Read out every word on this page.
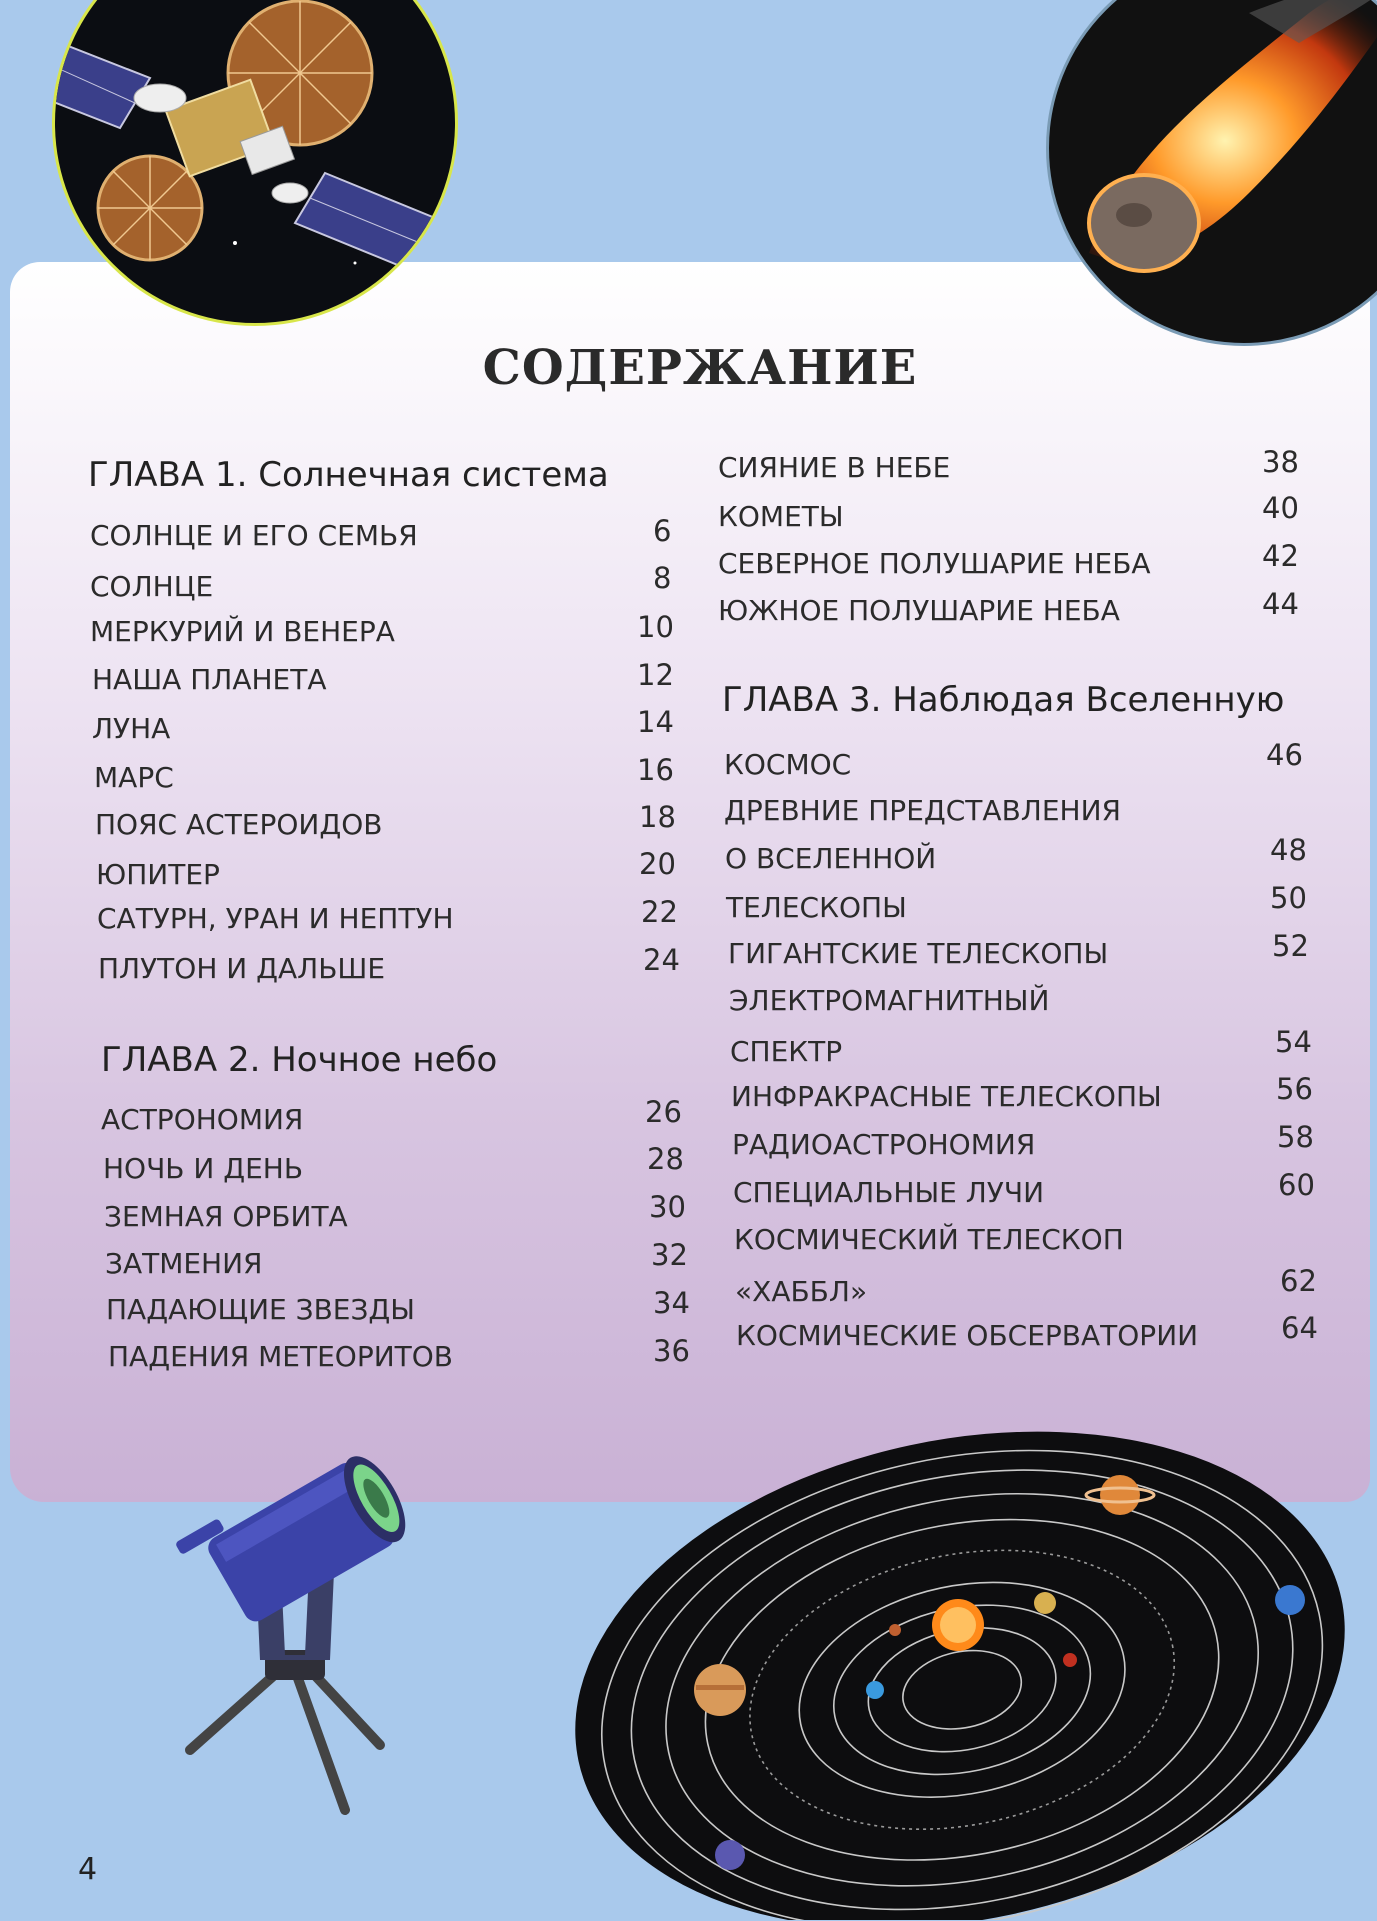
СОДЕРЖАНИЕ
ГЛАВА 1. Солнечная система
СОЛНЦЕ И ЕГО СЕМЬЯ	6
СОЛНЦЕ	8
МЕРКУРИЙ И ВЕНЕРА	10
НАША ПЛАНЕТА	12
ЛУНА	14
МАРС	16
ПОЯС АСТЕРОИДОВ	18
ЮПИТЕР	20
САТУРН, УРАН И НЕПТУН	22
ПЛУТОН И ДАЛЬШЕ	24
ГЛАВА 2. Ночное небо
АСТРОНОМИЯ	26
НОЧЬ И ДЕНЬ	28
ЗЕМНАЯ ОРБИТА	30
ЗАТМЕНИЯ	32
ПАДАЮЩИЕ ЗВЕЗДЫ	34
ПАДЕНИЯ МЕТЕОРИТОВ	36
СИЯНИЕ В НЕБЕ	38
КОМЕТЫ	40
СЕВЕРНОЕ ПОЛУШАРИЕ НЕБА	42
ЮЖНОЕ ПОЛУШАРИЕ НЕБА	44
ГЛАВА 3. Наблюдая Вселенную
КОСМОС	46
ДРЕВНИЕ ПРЕДСТАВЛЕНИЯ
О ВСЕЛЕННОЙ	48
ТЕЛЕСКОПЫ	50
ГИГАНТСКИЕ ТЕЛЕСКОПЫ	52
ЭЛЕКТРОМАГНИТНЫЙ
СПЕКТР	54
ИНФРАКРАСНЫЕ ТЕЛЕСКОПЫ	56
РАДИОАСТРОНОМИЯ	58
СПЕЦИАЛЬНЫЕ ЛУЧИ	60
КОСМИЧЕСКИЙ ТЕЛЕСКОП
«ХАББЛ»	62
КОСМИЧЕСКИЕ ОБСЕРВАТОРИИ	64
4
